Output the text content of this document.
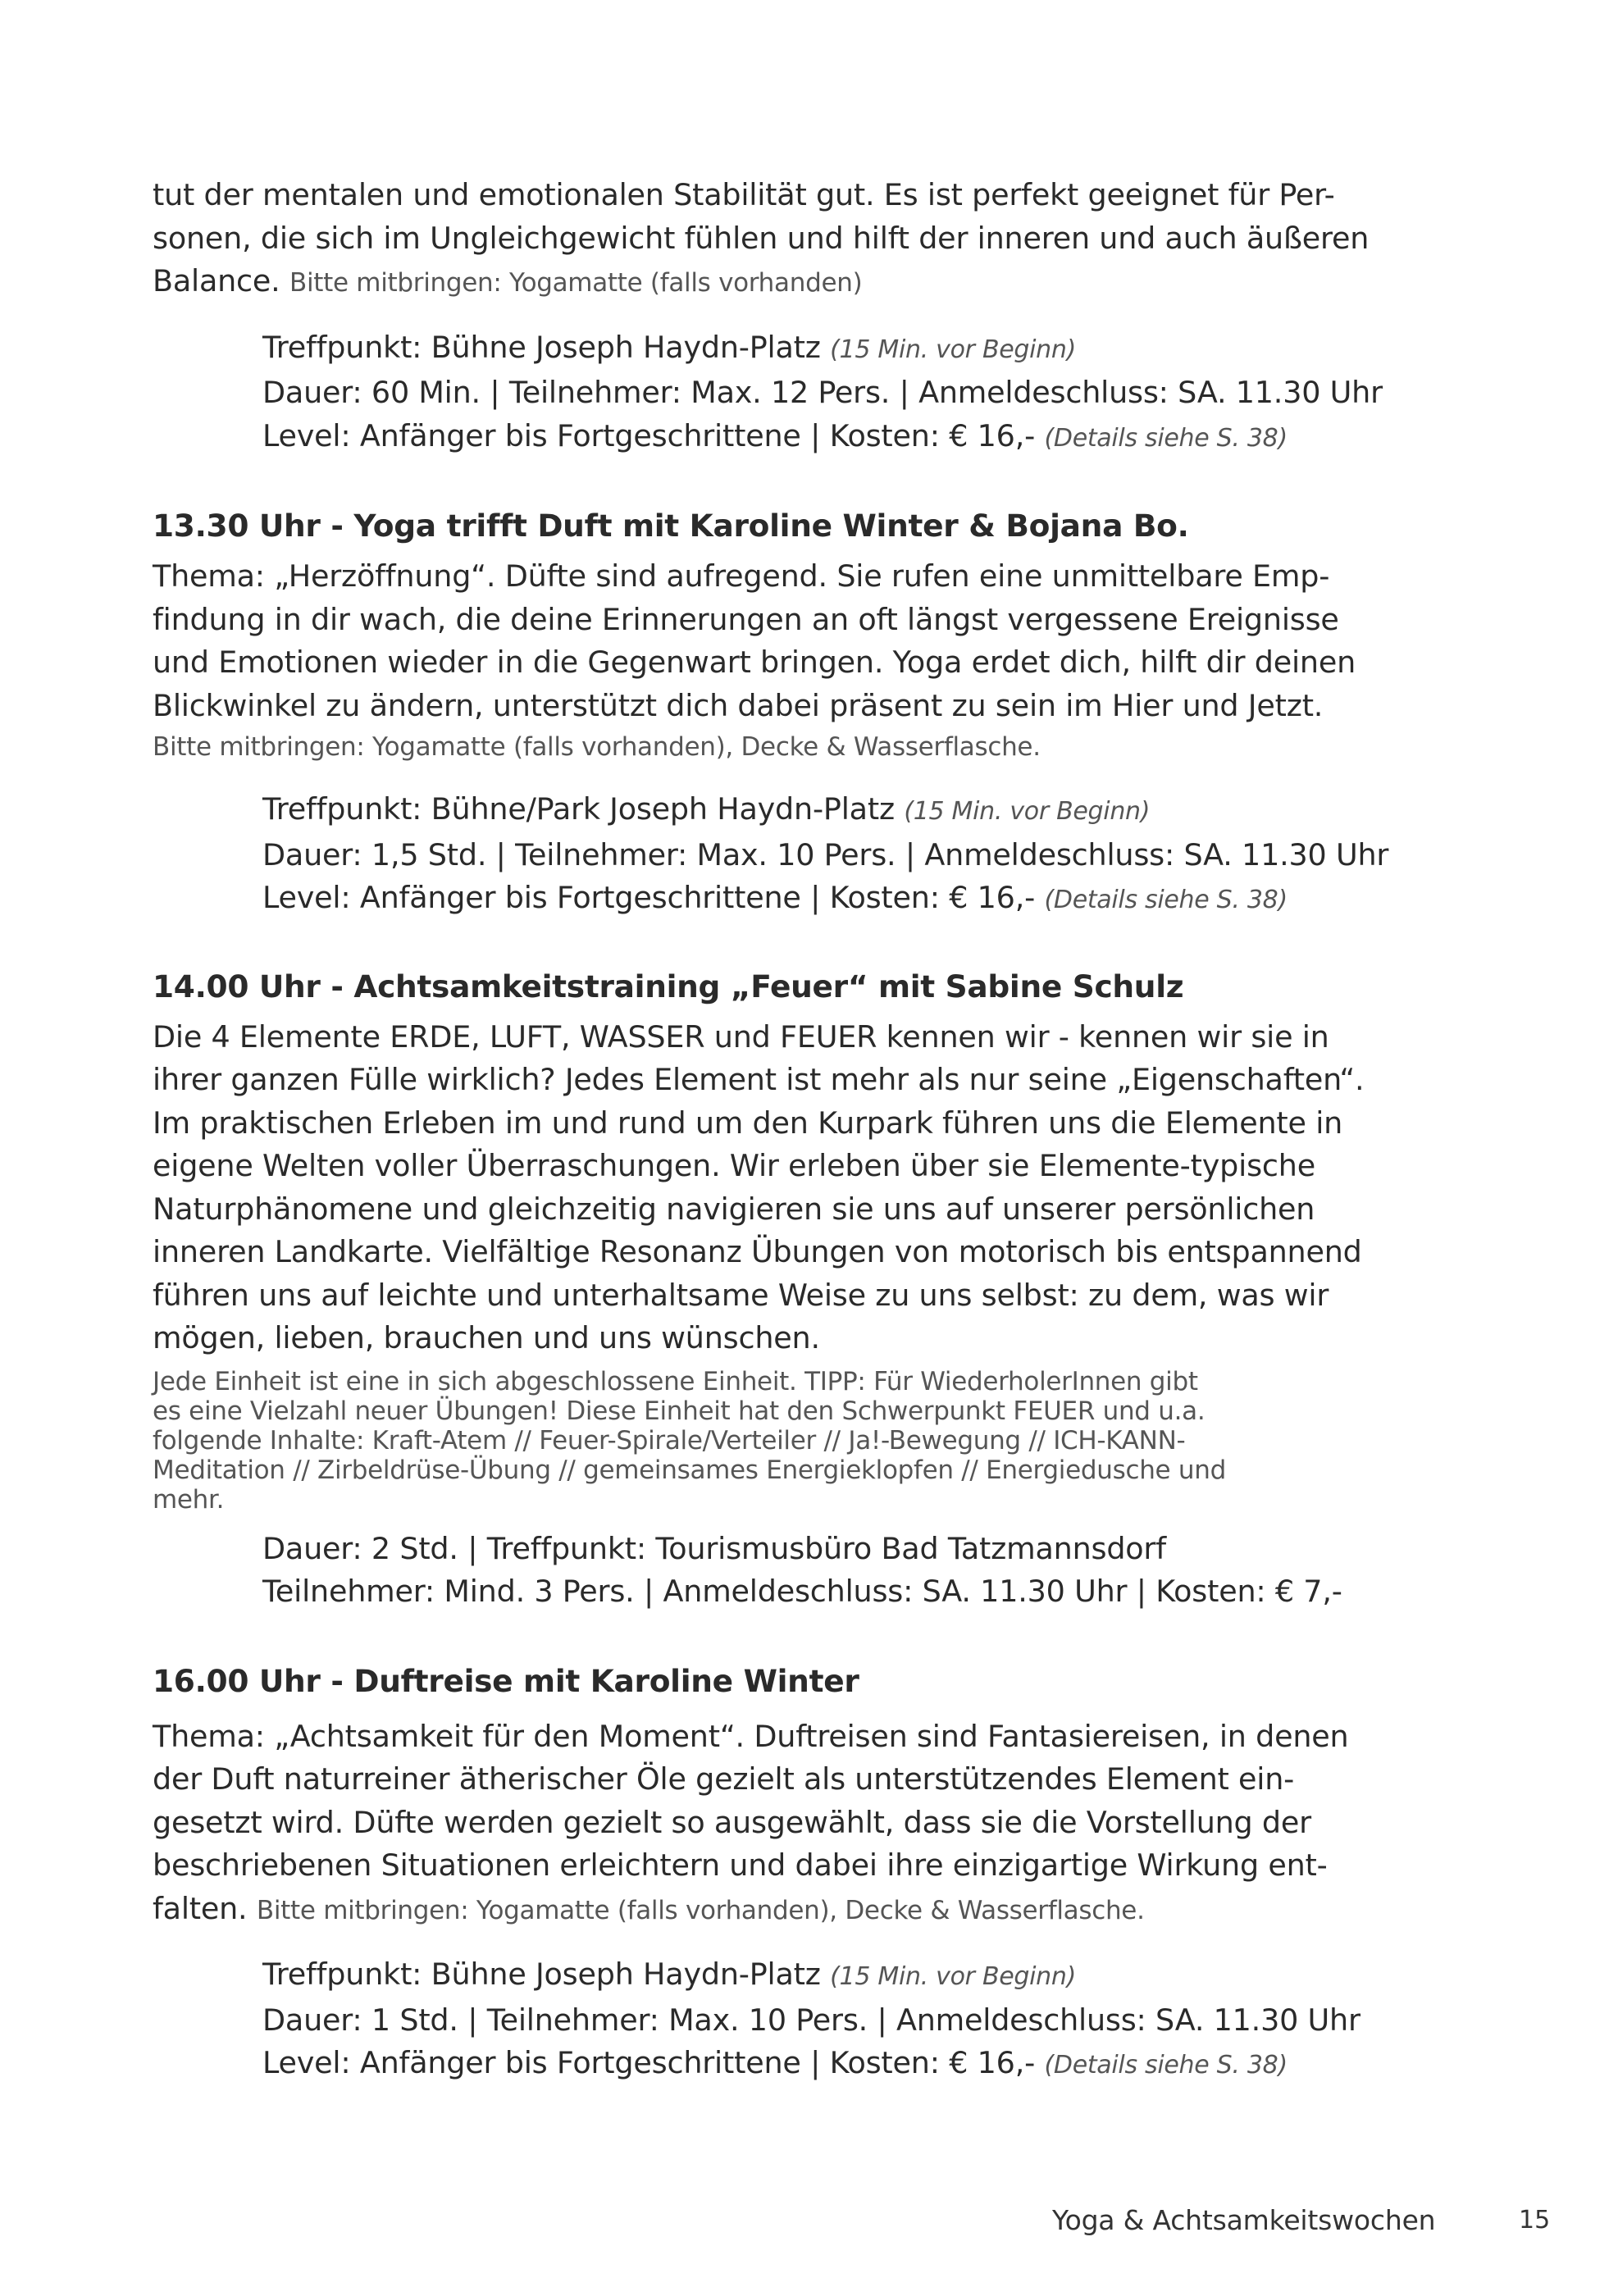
tut der mentalen und emotionalen Stabilität gut. Es ist perfekt geeignet für Per-

sonen, die sich im Ungleichgewicht fühlen und hilft der inneren und auch äußeren

Balance. Bitte mitbringen: Yogamatte (falls vorhanden)

Treffpunkt: Bühne Joseph Haydn-Platz (15 Min. vor Beginn)

Dauer: 60 Min. | Teilnehmer: Max. 12 Pers. | Anmeldeschluss: SA. 11.30 Uhr

Level: Anfänger bis Fortgeschrittene | Kosten: € 16,- (Details siehe S. 38)

13.30 Uhr - Yoga trifft Duft mit Karoline Winter & Bojana Bo.

Thema: „Herzöffnung“. Düfte sind aufregend. Sie rufen eine unmittelbare Emp-

findung in dir wach, die deine Erinnerungen an oft längst vergessene Ereignisse

und Emotionen wieder in die Gegenwart bringen. Yoga erdet dich, hilft dir deinen

Blickwinkel zu ändern, unterstützt dich dabei präsent zu sein im Hier und Jetzt.

Bitte mitbringen: Yogamatte (falls vorhanden), Decke & Wasserflasche.

Treffpunkt: Bühne/Park Joseph Haydn-Platz (15 Min. vor Beginn)

Dauer: 1,5 Std. | Teilnehmer: Max. 10 Pers. | Anmeldeschluss: SA. 11.30 Uhr

Level: Anfänger bis Fortgeschrittene | Kosten: € 16,- (Details siehe S. 38)

14.00 Uhr - Achtsamkeitstraining „Feuer“ mit Sabine Schulz

Die 4 Elemente ERDE, LUFT, WASSER und FEUER kennen wir - kennen wir sie in

ihrer ganzen Fülle wirklich? Jedes Element ist mehr als nur seine „Eigenschaften“.

Im praktischen Erleben im und rund um den Kurpark führen uns die Elemente in

eigene Welten voller Überraschungen. Wir erleben über sie Elemente-typische

Naturphänomene und gleichzeitig navigieren sie uns auf unserer persönlichen

inneren Landkarte. Vielfältige Resonanz Übungen von motorisch bis entspannend

führen uns auf leichte und unterhaltsame Weise zu uns selbst: zu dem, was wir

mögen, lieben, brauchen und uns wünschen.

Jede Einheit ist eine in sich abgeschlossene Einheit. TIPP: Für WiederholerInnen gibt

es eine Vielzahl neuer Übungen! Diese Einheit hat den Schwerpunkt FEUER und u.a.

folgende Inhalte: Kraft-Atem // Feuer-Spirale/Verteiler // Ja!-Bewegung // ICH-KANN-

Meditation // Zirbeldrüse-Übung // gemeinsames Energieklopfen // Energiedusche und

mehr.

Dauer: 2 Std. | Treffpunkt: Tourismusbüro Bad Tatzmannsdorf

Teilnehmer: Mind. 3 Pers. | Anmeldeschluss: SA. 11.30 Uhr | Kosten: € 7,-

16.00 Uhr - Duftreise mit Karoline Winter

Thema: „Achtsamkeit für den Moment“. Duftreisen sind Fantasiereisen, in denen

der Duft naturreiner ätherischer Öle gezielt als unterstützendes Element ein-

gesetzt wird. Düfte werden gezielt so ausgewählt, dass sie die Vorstellung der

beschriebenen Situationen erleichtern und dabei ihre einzigartige Wirkung ent-

falten. Bitte mitbringen: Yogamatte (falls vorhanden), Decke & Wasserflasche.

Treffpunkt: Bühne Joseph Haydn-Platz (15 Min. vor Beginn)

Dauer: 1 Std. | Teilnehmer: Max. 10 Pers. | Anmeldeschluss: SA. 11.30 Uhr

Level: Anfänger bis Fortgeschrittene | Kosten: € 16,- (Details siehe S. 38)

Yoga & Achtsamkeitswochen	15
